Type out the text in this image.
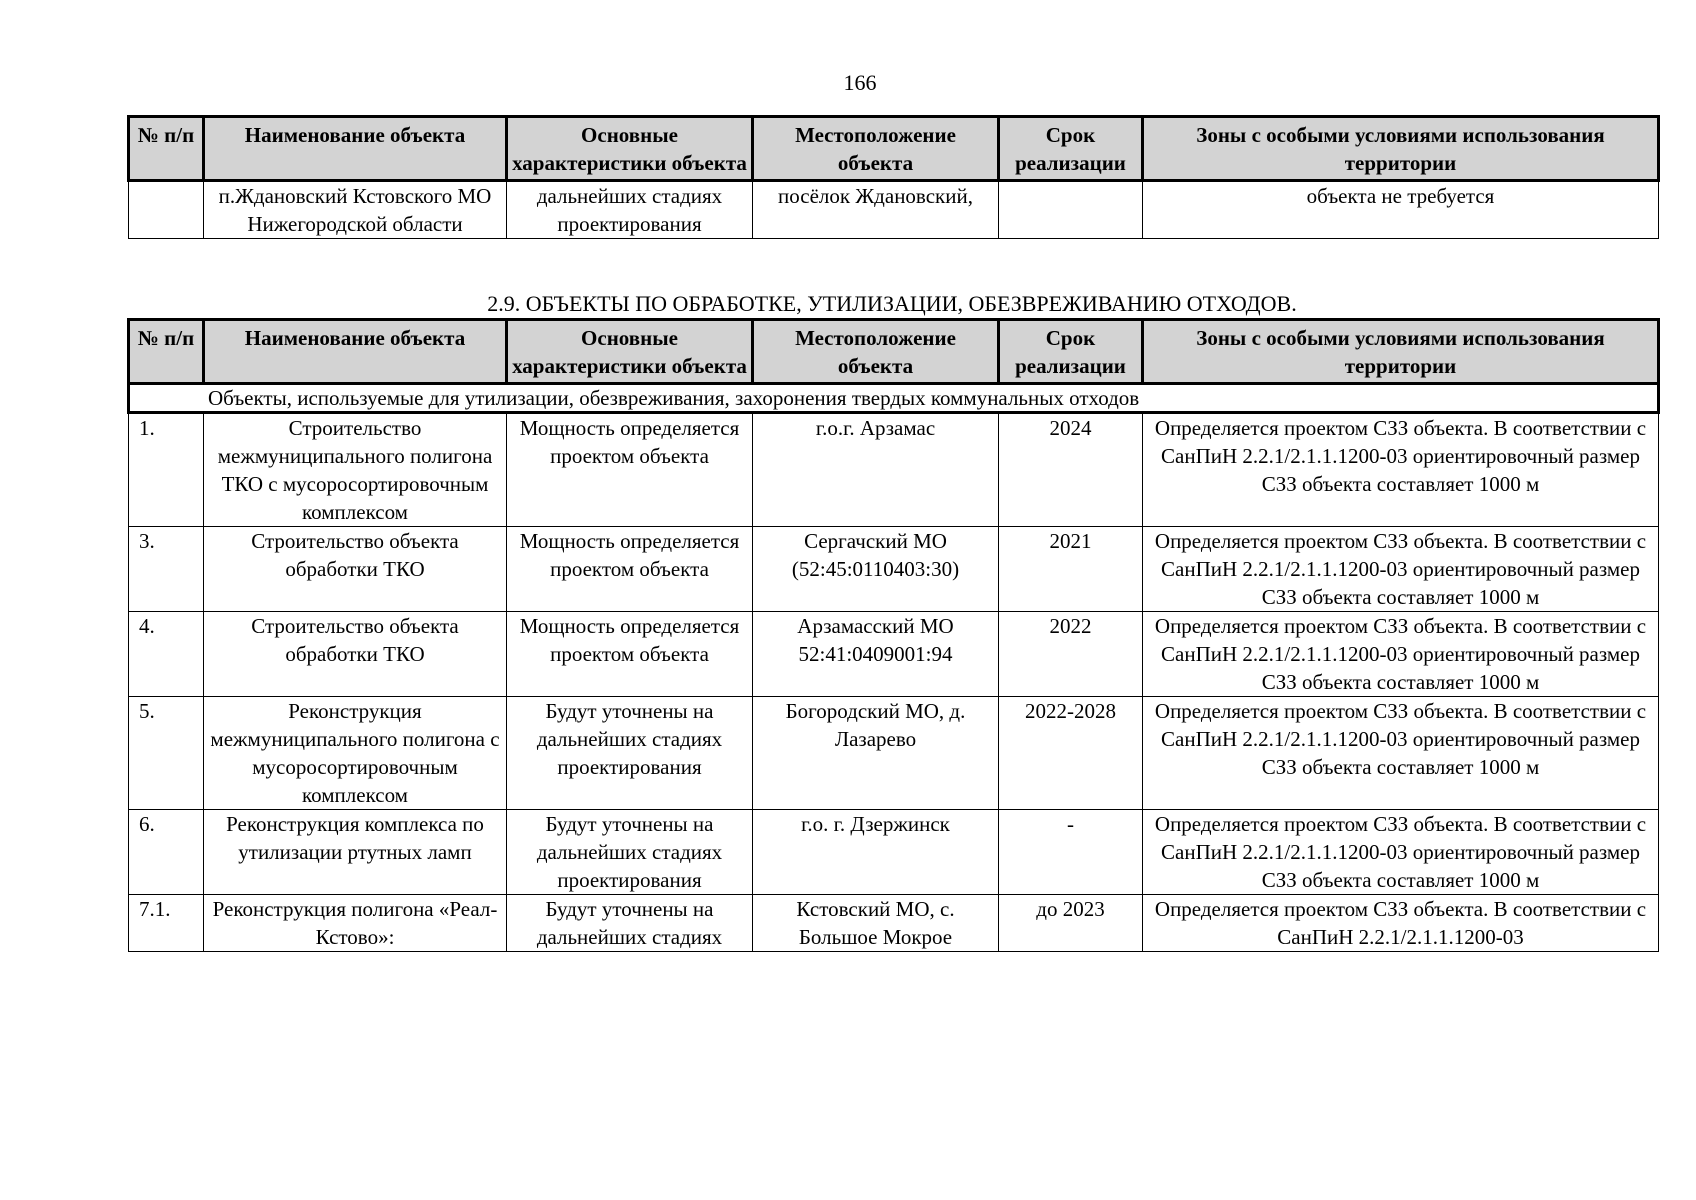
166
№ п/п	Наименование объекта	Основные характеристики объекта	Местоположение объекта	Срок реализации	Зоны с особыми условиями использования территории
	п.Ждановский Кстовского МО Нижегородской области	дальнейших стадиях проектирования	посёлок Ждановский,		объекта не требуется
2.9. ОБЪЕКТЫ ПО ОБРАБОТКЕ, УТИЛИЗАЦИИ, ОБЕЗВРЕЖИВАНИЮ ОТХОДОВ.
№ п/п	Наименование объекта	Основные характеристики объекта	Местоположение объекта	Срок реализации	Зоны с особыми условиями использования территории
Объекты, используемые для утилизации, обезвреживания, захоронения твердых коммунальных отходов					
1.	Строительство межмуниципального полигона ТКО с мусоросортировочным комплексом	Мощность определяется проектом объекта	г.о.г. Арзамас	2024	Определяется проектом СЗЗ объекта. В соответствии с СанПиН 2.2.1/2.1.1.1200-03 ориентировочный размер СЗЗ объекта составляет 1000 м
3.	Строительство объекта обработки ТКО	Мощность определяется проектом объекта	Сергачский МО (52:45:0110403:30)	2021	Определяется проектом СЗЗ объекта. В соответствии с СанПиН 2.2.1/2.1.1.1200-03 ориентировочный размер СЗЗ объекта составляет 1000 м
4.	Строительство объекта обработки ТКО	Мощность определяется проектом объекта	Арзамасский МО 52:41:0409001:94	2022	Определяется проектом СЗЗ объекта. В соответствии с СанПиН 2.2.1/2.1.1.1200-03 ориентировочный размер СЗЗ объекта составляет 1000 м
5.	Реконструкция межмуниципального полигона с мусоросортировочным комплексом	Будут уточнены на дальнейших стадиях проектирования	Богородский МО, д. Лазарево	2022-2028	Определяется проектом СЗЗ объекта. В соответствии с СанПиН 2.2.1/2.1.1.1200-03 ориентировочный размер СЗЗ объекта составляет 1000 м
6.	Реконструкция комплекса по утилизации ртутных ламп	Будут уточнены на дальнейших стадиях проектирования	г.о. г. Дзержинск	-	Определяется проектом СЗЗ объекта. В соответствии с СанПиН 2.2.1/2.1.1.1200-03 ориентировочный размер СЗЗ объекта составляет 1000 м
7.1.	Реконструкция полигона «Реал-Кстово»:	Будут уточнены на дальнейших стадиях	Кстовский МО, с. Большое Мокрое	до 2023	Определяется проектом СЗЗ объекта. В соответствии с СанПиН 2.2.1/2.1.1.1200-03
